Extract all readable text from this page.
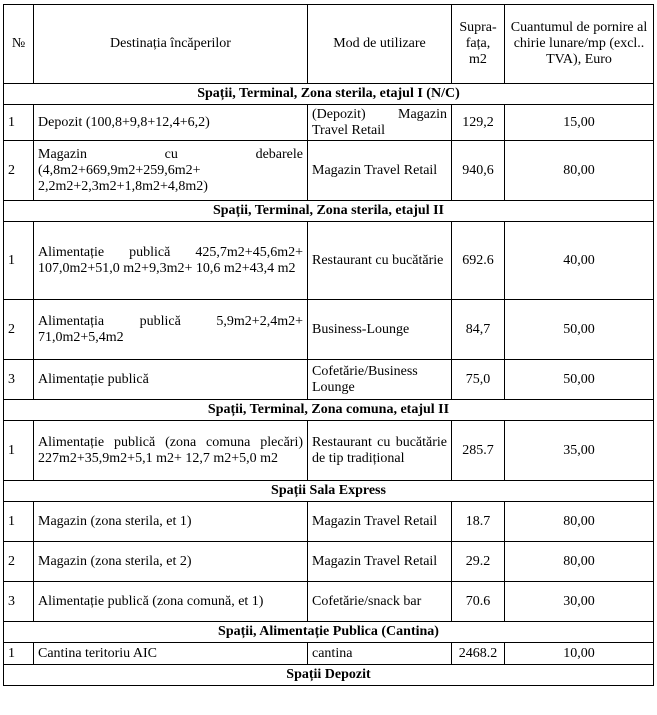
№	Destinația încăperilor	Mod de utilizare	Supra-fața, m2	Cuantumul de pornire al chirie lunare/mp (excl.. TVA), Euro
Spații, Terminal, Zona sterila, etajul I (N/C)				
1	Depozit (100,8+9,8+12,4+6,2)	(Depozit) Magazin Travel Retail	129,2	15,00
2	Magazin cu debarele (4,8m2+669,9m2+259,6m2+ 2,2m2+2,3m2+1,8m2+4,8m2)	Magazin Travel Retail	940,6	80,00
Spații, Terminal, Zona sterila, etajul II				
1	Alimentație publică 425,7m2+45,6m2+ 107,0m2+51,0 m2+9,3m2+ 10,6 m2+43,4 m2	Restaurant cu bucătărie	692.6	40,00
2	Alimentația publică 5,9m2+2,4m2+ 71,0m2+5,4m2	Business-Lounge	84,7	50,00
3	Alimentație publică	Cofetărie/Business Lounge	75,0	50,00
Spații, Terminal, Zona comuna, etajul II				
1	Alimentație publică (zona comuna plecări) 227m2+35,9m2+5,1 m2+ 12,7 m2+5,0 m2	Restaurant cu bucătărie de tip tradițional	285.7	35,00
Spații Sala Express				
1	Magazin (zona sterila, et 1)	Magazin Travel Retail	18.7	80,00
2	Magazin (zona sterila, et 2)	Magazin Travel Retail	29.2	80,00
3	Alimentație publică (zona comună, et 1)	Cofetărie/snack bar	70.6	30,00
Spații, Alimentație Publica (Cantina)				
1	Cantina teritoriu AIC	cantina	2468.2	10,00
Spații Depozit				
